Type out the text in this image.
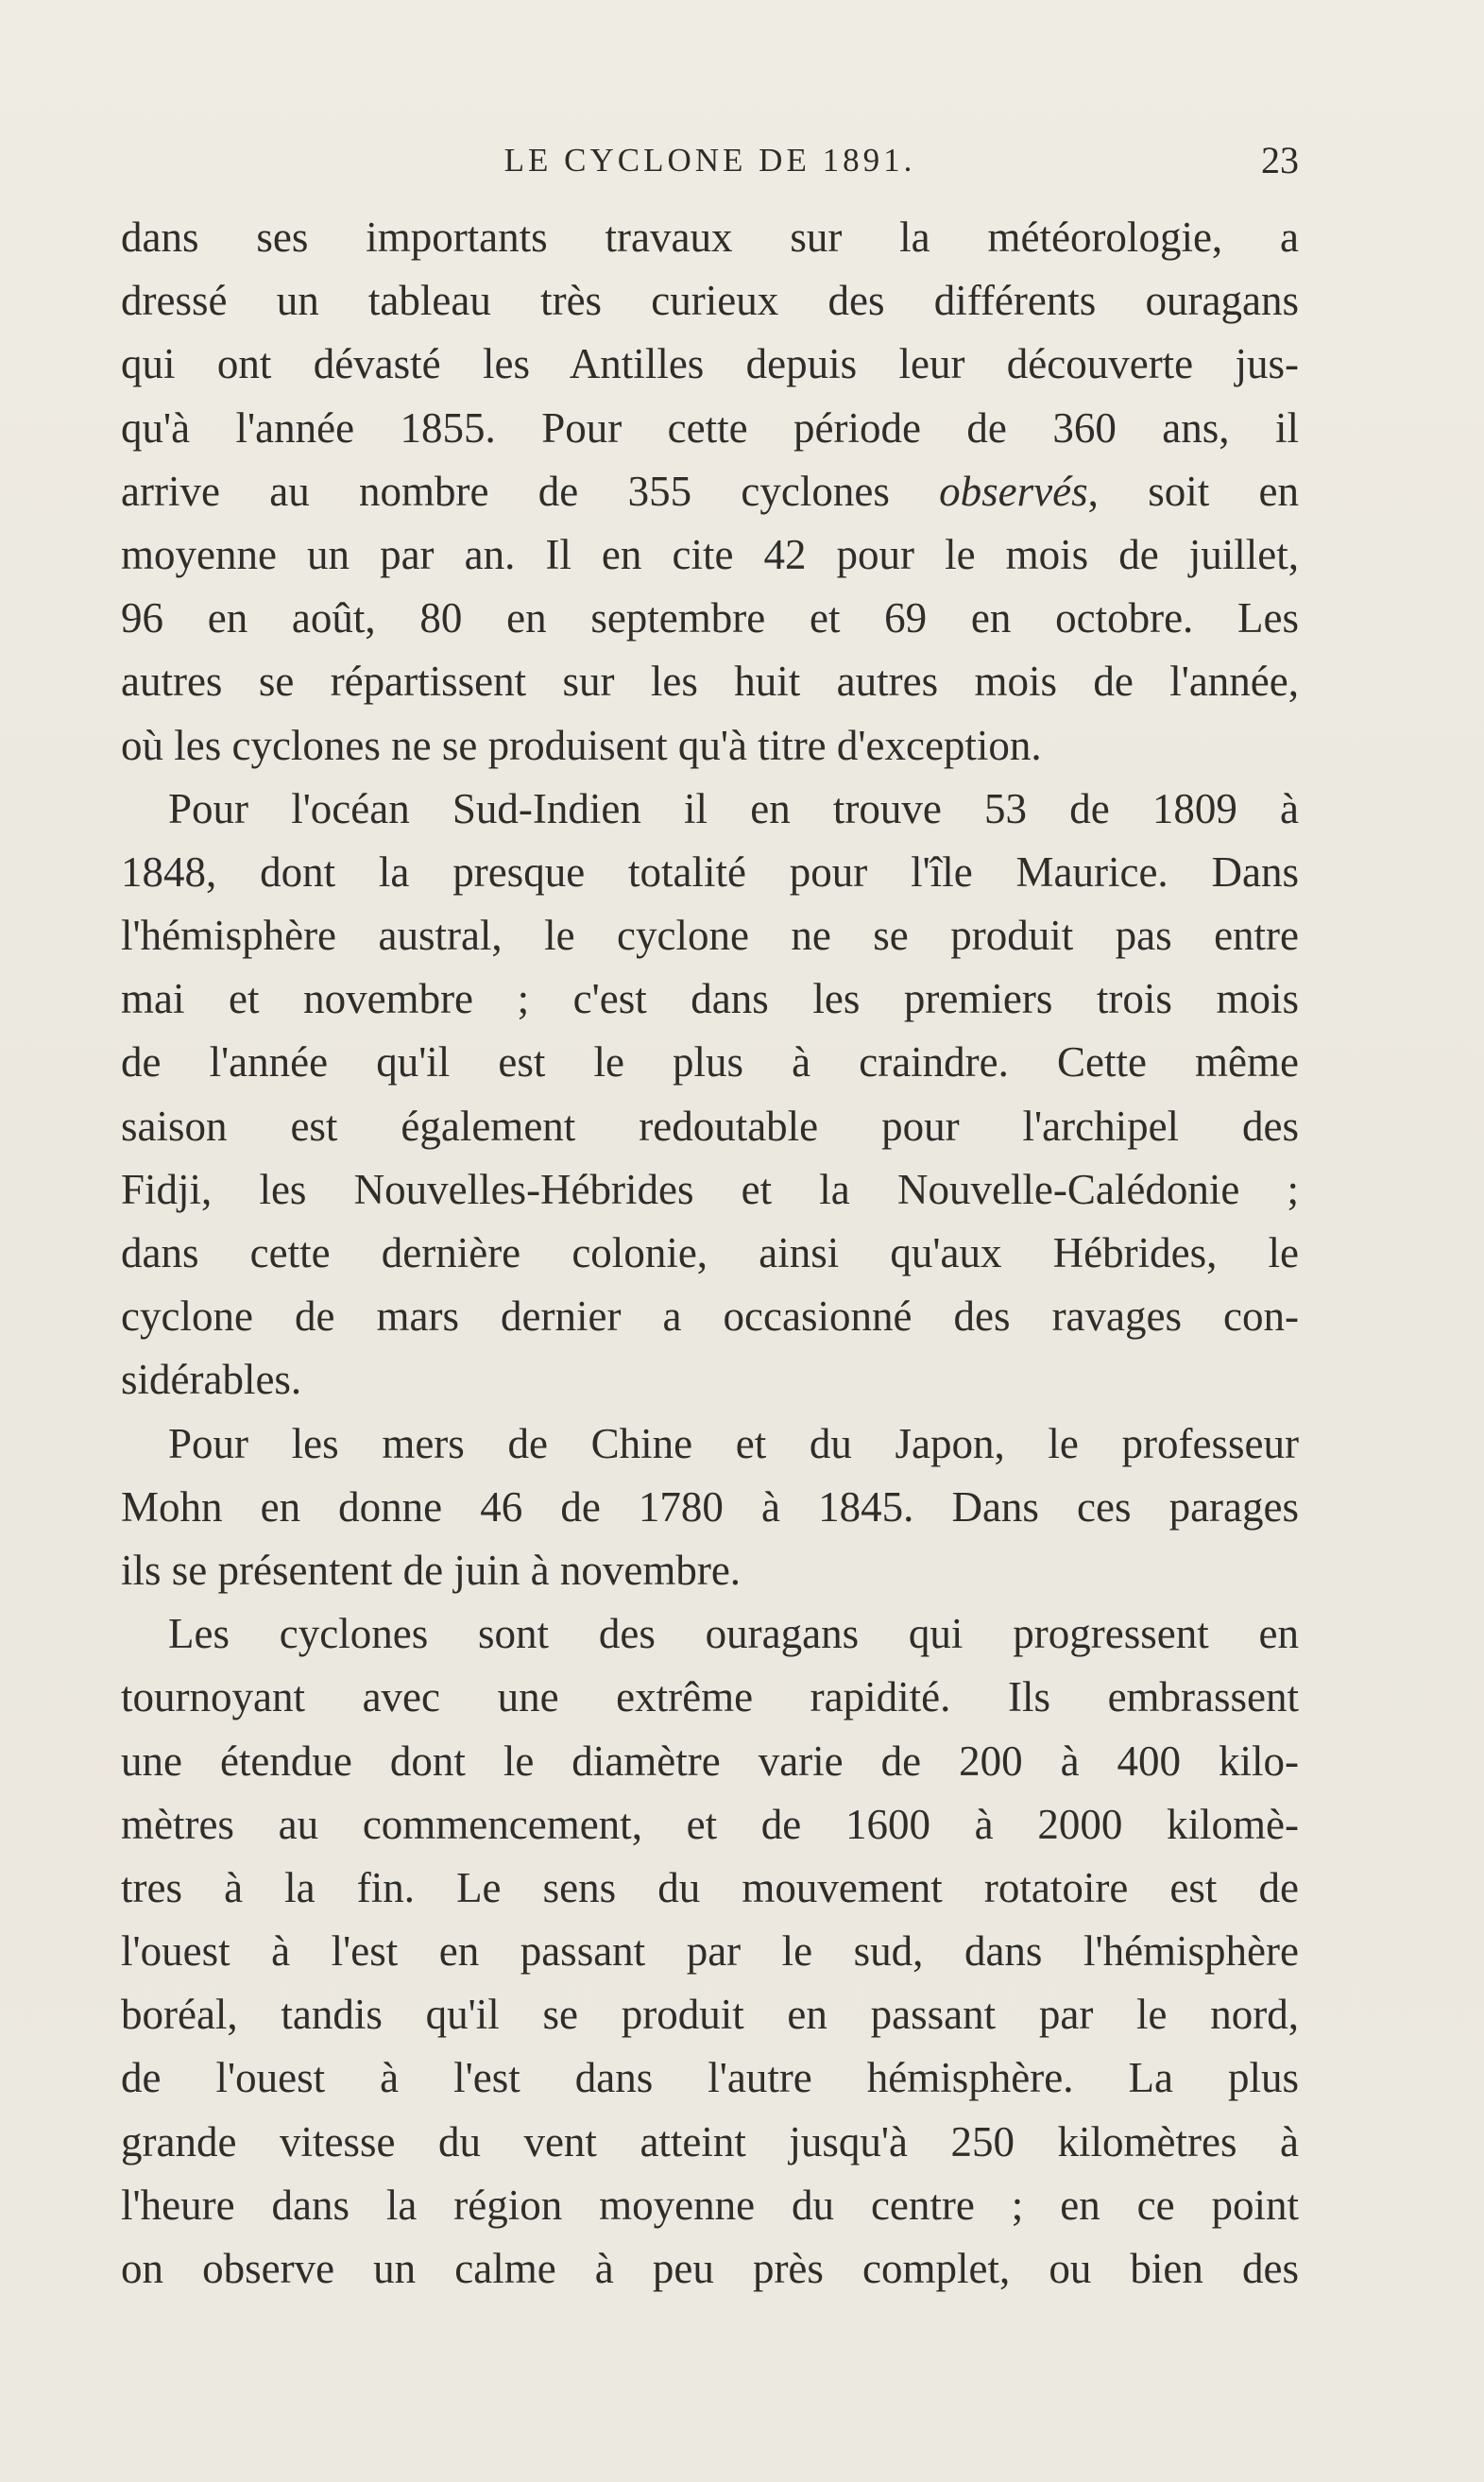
LE CYCLONE DE 1891.	23
dans ses importants travaux sur la météorologie, a
dressé un tableau très curieux des différents ouragans
qui ont dévasté les Antilles depuis leur découverte jus-
qu'à l'année 1855. Pour cette période de 360 ans, il
arrive au nombre de 355 cyclones observés, soit en
moyenne un par an. Il en cite 42 pour le mois de juillet,
96 en août, 80 en septembre et 69 en octobre. Les
autres se répartissent sur les huit autres mois de l'année,
où les cyclones ne se produisent qu'à titre d'exception.
Pour l'océan Sud-Indien il en trouve 53 de 1809 à
1848, dont la presque totalité pour l'île Maurice. Dans
l'hémisphère austral, le cyclone ne se produit pas entre
mai et novembre ; c'est dans les premiers trois mois
de l'année qu'il est le plus à craindre. Cette même
saison est également redoutable pour l'archipel des
Fidji, les Nouvelles-Hébrides et la Nouvelle-Calédonie ;
dans cette dernière colonie, ainsi qu'aux Hébrides, le
cyclone de mars dernier a occasionné des ravages con-
sidérables.
Pour les mers de Chine et du Japon, le professeur
Mohn en donne 46 de 1780 à 1845. Dans ces parages
ils se présentent de juin à novembre.
Les cyclones sont des ouragans qui progressent en
tournoyant avec une extrême rapidité. Ils embrassent
une étendue dont le diamètre varie de 200 à 400 kilo-
mètres au commencement, et de 1600 à 2000 kilomè-
tres à la fin. Le sens du mouvement rotatoire est de
l'ouest à l'est en passant par le sud, dans l'hémisphère
boréal, tandis qu'il se produit en passant par le nord,
de l'ouest à l'est dans l'autre hémisphère. La plus
grande vitesse du vent atteint jusqu'à 250 kilomètres à
l'heure dans la région moyenne du centre ; en ce point
on observe un calme à peu près complet, ou bien des
